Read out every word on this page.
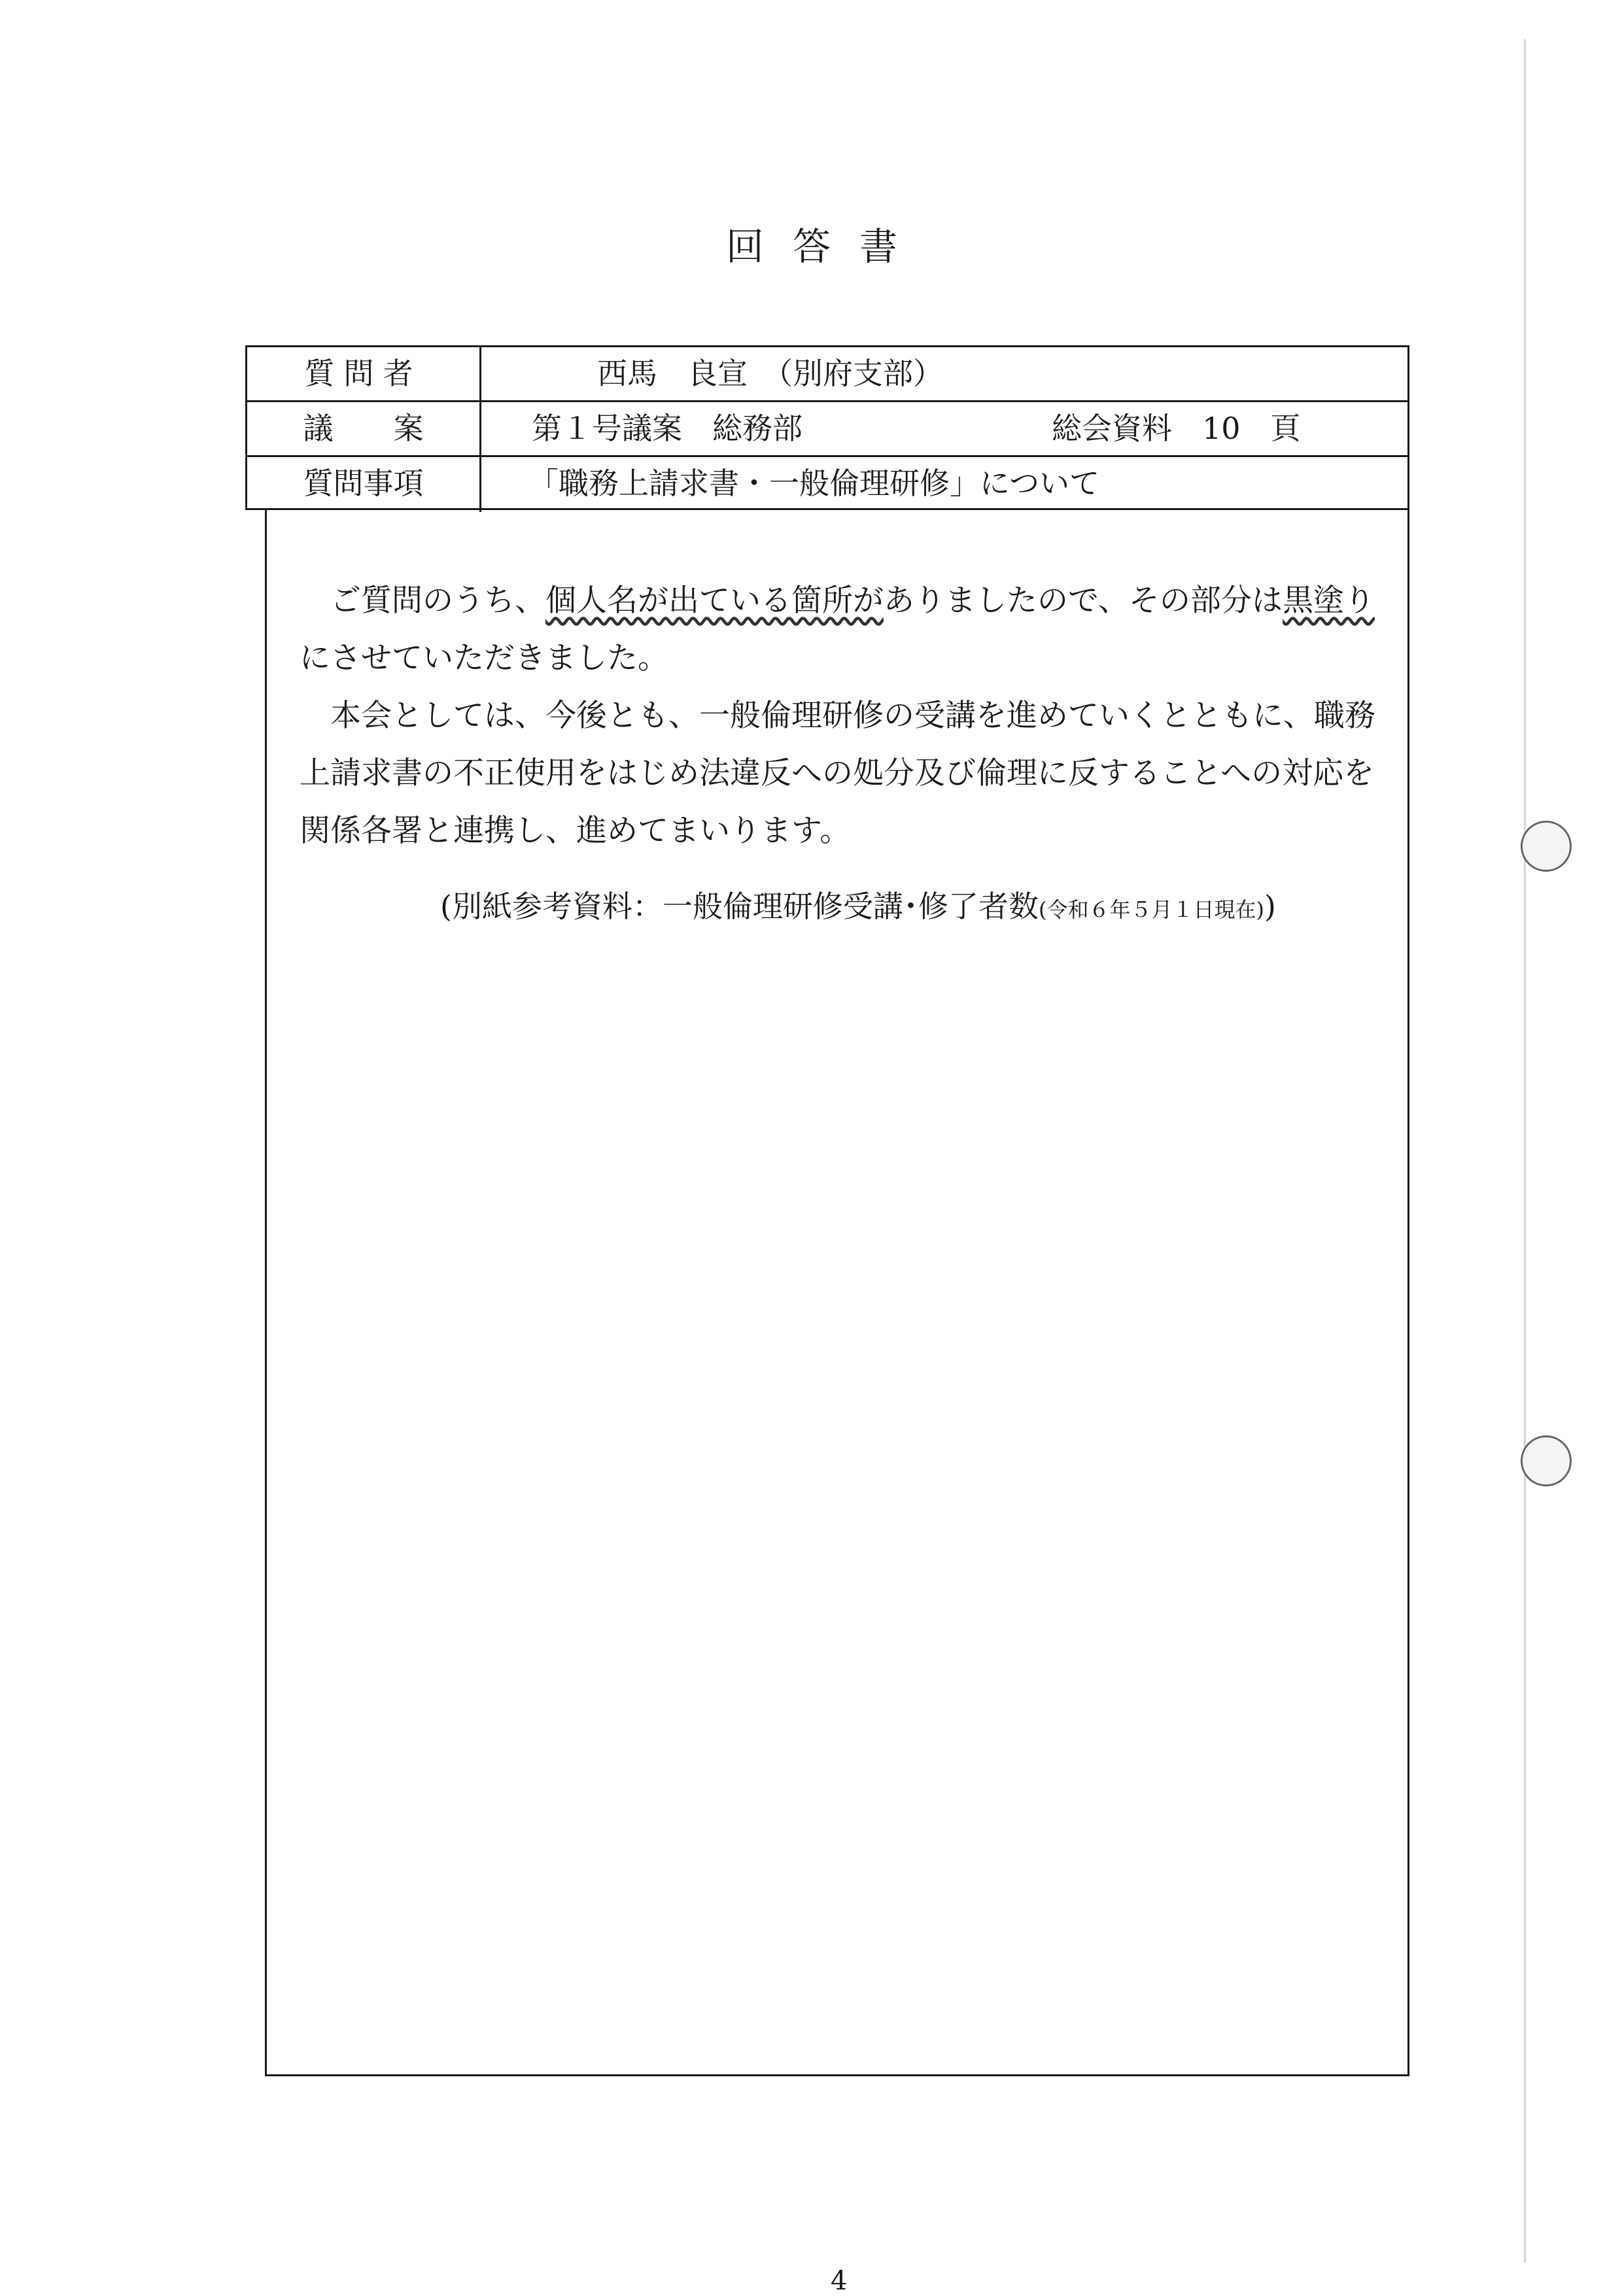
回答書
質問者	西馬　良宣　（別府支部）
議　　案	第１号議案　総務部	総会資料　10　頁
質問事項	「職務上請求書・一般倫理研修」について

ご質問のうち、個人名が出ている箇所がありましたので、その部分は黒塗りにさせていただきました。

本会としては、今後とも、一般倫理研修の受講を進めていくとともに、職務上請求書の不正使用をはじめ法違反への処分及び倫理に反することへの対応を関係各署と連携し、進めてまいります。

(別紙参考資料：一般倫理研修受講･修了者数(令和６年５月１日現在))
4
